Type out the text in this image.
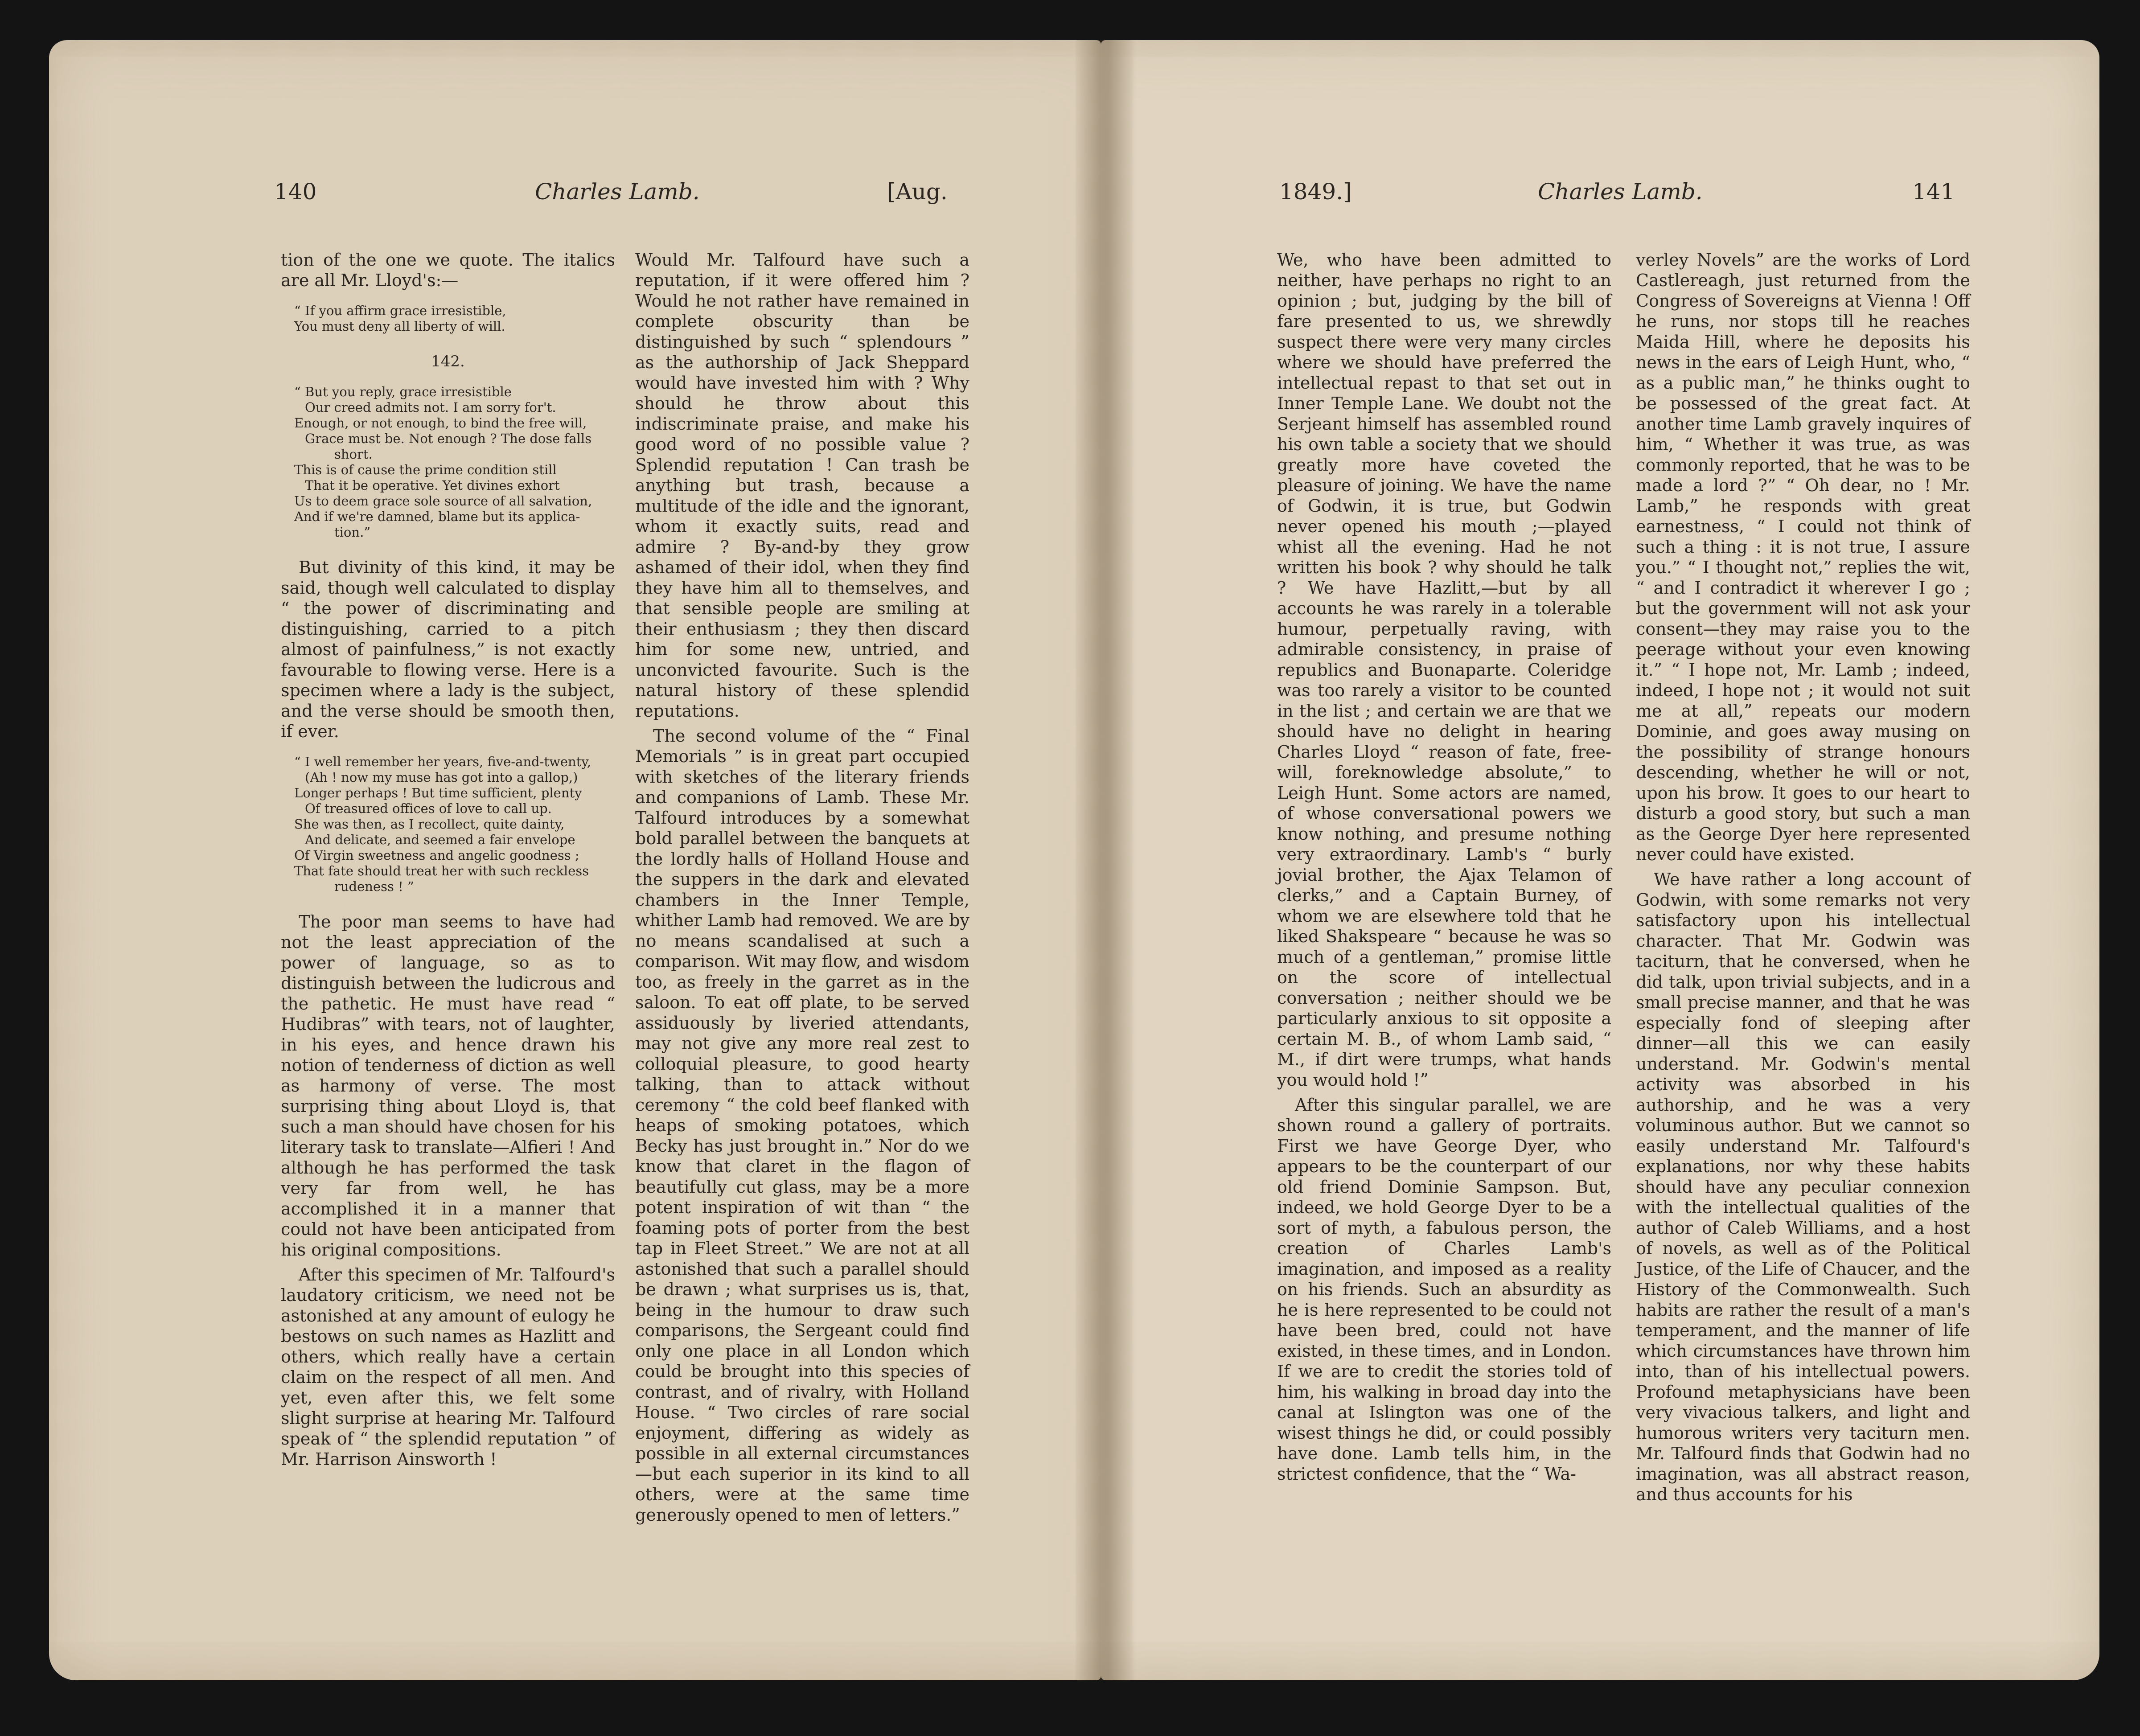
140	Charles Lamb.	[Aug.

tion of the one we quote. The italics are all Mr. Lloyd's:—

“ If you affirm grace irresistible,
You must deny all liberty of will.
142.
“ But you reply, grace irresistible
Our creed admits not. I am sorry for't.
Enough, or not enough, to bind the free will,
Grace must be. Not enough ? The dose falls
short.
This is of cause the prime condition still
That it be operative. Yet divines exhort
Us to deem grace sole source of all salvation,
And if we're damned, blame but its applica-
tion.”

But divinity of this kind, it may be said, though well calculated to display “ the power of discriminating and distinguishing, carried to a pitch almost of painfulness,” is not exactly favourable to flowing verse. Here is a specimen where a lady is the subject, and the verse should be smooth then, if ever.

“ I well remember her years, five-and-twenty,
(Ah ! now my muse has got into a gallop,)
Longer perhaps ! But time sufficient, plenty
Of treasured offices of love to call up.
She was then, as I recollect, quite dainty,
And delicate, and seemed a fair envelope
Of Virgin sweetness and angelic goodness ;
That fate should treat her with such reckless
rudeness ! ”

The poor man seems to have had not the least appreciation of the power of language, so as to distinguish between the ludicrous and the pathetic. He must have read “ Hudibras” with tears, not of laughter, in his eyes, and hence drawn his notion of tenderness of diction as well as harmony of verse. The most surprising thing about Lloyd is, that such a man should have chosen for his literary task to translate—Alfieri ! And although he has performed the task very far from well, he has accomplished it in a manner that could not have been anticipated from his original compositions.

After this specimen of Mr. Talfourd's laudatory criticism, we need not be astonished at any amount of eulogy he bestows on such names as Hazlitt and others, which really have a certain claim on the respect of all men. And yet, even after this, we felt some slight surprise at hearing Mr. Talfourd speak of “ the splendid reputation ” of Mr. Harrison Ainsworth !

Would Mr. Talfourd have such a reputation, if it were offered him ? Would he not rather have remained in complete obscurity than be distinguished by such “ splendours ” as the authorship of Jack Sheppard would have invested him with ? Why should he throw about this indiscriminate praise, and make his good word of no possible value ? Splendid reputation ! Can trash be anything but trash, because a multitude of the idle and the ignorant, whom it exactly suits, read and admire ? By-and-by they grow ashamed of their idol, when they find they have him all to themselves, and that sensible people are smiling at their enthusiasm ; they then discard him for some new, untried, and unconvicted favourite. Such is the natural history of these splendid reputations.

The second volume of the “ Final Memorials ” is in great part occupied with sketches of the literary friends and companions of Lamb. These Mr. Talfourd introduces by a somewhat bold parallel between the banquets at the lordly halls of Holland House and the suppers in the dark and elevated chambers in the Inner Temple, whither Lamb had removed. We are by no means scandalised at such a comparison. Wit may flow, and wisdom too, as freely in the garret as in the saloon. To eat off plate, to be served assiduously by liveried attendants, may not give any more real zest to colloquial pleasure, to good hearty talking, than to attack without ceremony “ the cold beef flanked with heaps of smoking potatoes, which Becky has just brought in.” Nor do we know that claret in the flagon of beautifully cut glass, may be a more potent inspiration of wit than “ the foaming pots of porter from the best tap in Fleet Street.” We are not at all astonished that such a parallel should be drawn ; what surprises us is, that, being in the humour to draw such comparisons, the Sergeant could find only one place in all London which could be brought into this species of contrast, and of rivalry, with Holland House. “ Two circles of rare social enjoyment, differing as widely as possible in all external circumstances—but each superior in its kind to all others, were at the same time generously opened to men of letters.”

1849.]	Charles Lamb.	141

We, who have been admitted to neither, have perhaps no right to an opinion ; but, judging by the bill of fare presented to us, we shrewdly suspect there were very many circles where we should have preferred the intellectual repast to that set out in Inner Temple Lane. We doubt not the Serjeant himself has assembled round his own table a society that we should greatly more have coveted the pleasure of joining. We have the name of Godwin, it is true, but Godwin never opened his mouth ;—played whist all the evening. Had he not written his book ? why should he talk ? We have Hazlitt,—but by all accounts he was rarely in a tolerable humour, perpetually raving, with admirable consistency, in praise of republics and Buonaparte. Coleridge was too rarely a visitor to be counted in the list ; and certain we are that we should have no delight in hearing Charles Lloyd “ reason of fate, free-will, foreknowledge absolute,” to Leigh Hunt. Some actors are named, of whose conversational powers we know nothing, and presume nothing very extraordinary. Lamb's “ burly jovial brother, the Ajax Telamon of clerks,” and a Captain Burney, of whom we are elsewhere told that he liked Shakspeare “ because he was so much of a gentleman,” promise little on the score of intellectual conversation ; neither should we be particularly anxious to sit opposite a certain M. B., of whom Lamb said, “ M., if dirt were trumps, what hands you would hold !”

After this singular parallel, we are shown round a gallery of portraits. First we have George Dyer, who appears to be the counterpart of our old friend Dominie Sampson. But, indeed, we hold George Dyer to be a sort of myth, a fabulous person, the creation of Charles Lamb's imagination, and imposed as a reality on his friends. Such an absurdity as he is here represented to be could not have been bred, could not have existed, in these times, and in London. If we are to credit the stories told of him, his walking in broad day into the canal at Islington was one of the wisest things he did, or could possibly have done. Lamb tells him, in the strictest confidence, that the “ Wa-

verley Novels” are the works of Lord Castlereagh, just returned from the Congress of Sovereigns at Vienna ! Off he runs, nor stops till he reaches Maida Hill, where he deposits his news in the ears of Leigh Hunt, who, “ as a public man,” he thinks ought to be possessed of the great fact. At another time Lamb gravely inquires of him, “ Whether it was true, as was commonly reported, that he was to be made a lord ?” “ Oh dear, no ! Mr. Lamb,” he responds with great earnestness, “ I could not think of such a thing : it is not true, I assure you.” “ I thought not,” replies the wit, “ and I contradict it wherever I go ; but the government will not ask your consent—they may raise you to the peerage without your even knowing it.” “ I hope not, Mr. Lamb ; indeed, indeed, I hope not ; it would not suit me at all,” repeats our modern Dominie, and goes away musing on the possibility of strange honours descending, whether he will or not, upon his brow. It goes to our heart to disturb a good story, but such a man as the George Dyer here represented never could have existed.

We have rather a long account of Godwin, with some remarks not very satisfactory upon his intellectual character. That Mr. Godwin was taciturn, that he conversed, when he did talk, upon trivial subjects, and in a small precise manner, and that he was especially fond of sleeping after dinner—all this we can easily understand. Mr. Godwin's mental activity was absorbed in his authorship, and he was a very voluminous author. But we cannot so easily understand Mr. Talfourd's explanations, nor why these habits should have any peculiar connexion with the intellectual qualities of the author of Caleb Williams, and a host of novels, as well as of the Political Justice, of the Life of Chaucer, and the History of the Commonwealth. Such habits are rather the result of a man's temperament, and the manner of life which circumstances have thrown him into, than of his intellectual powers. Profound metaphysicians have been very vivacious talkers, and light and humorous writers very taciturn men. Mr. Talfourd finds that Godwin had no imagination, was all abstract reason, and thus accounts for his
